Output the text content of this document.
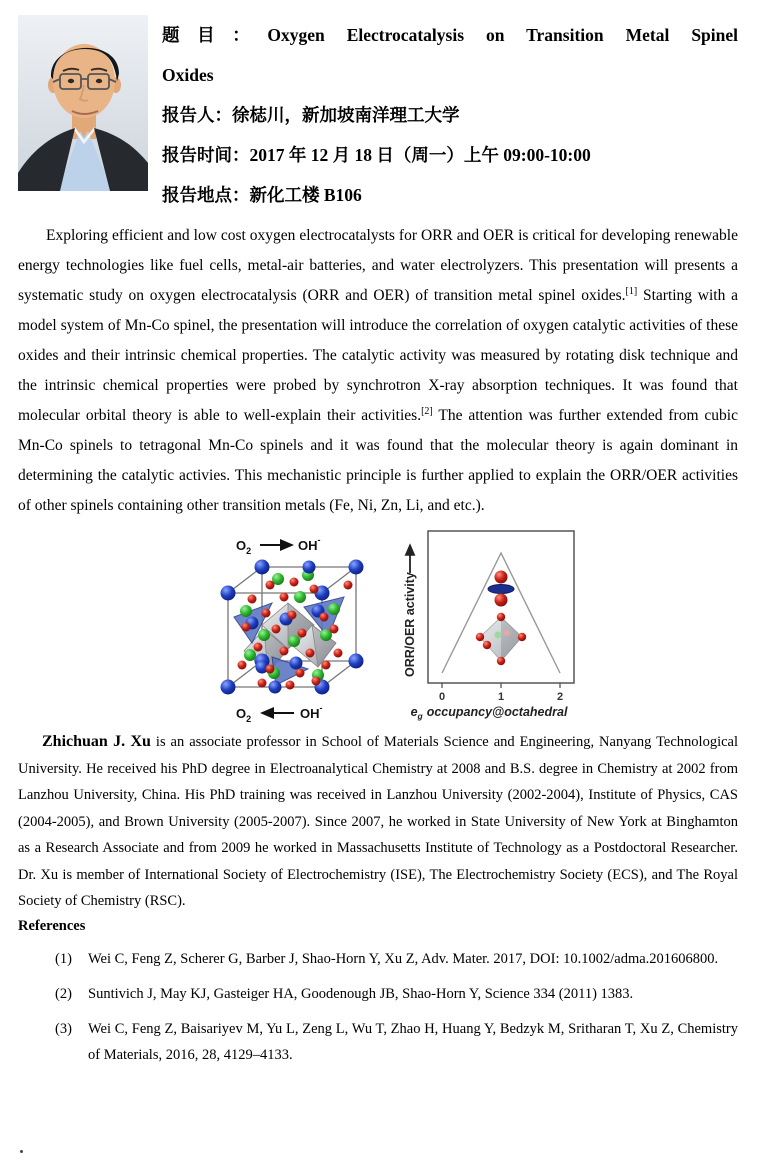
题目：Oxygen Electrocatalysis on Transition Metal Spinel
Oxides
报告人：徐梽川，新加坡南洋理工大学
报告时间：2017 年 12 月 18 日（周一）上午 09:00-10:00
报告地点：新化工楼 B106

Exploring efficient and low cost oxygen electrocatalysts for ORR and OER is critical for developing renewable energy technologies like fuel cells, metal-air batteries, and water electrolyzers. This presentation will presents a systematic study on oxygen electrocatalysis (ORR and OER) of transition metal spinel oxides.[1] Starting with a model system of Mn-Co spinel, the presentation will introduce the correlation of oxygen catalytic activities of these oxides and their intrinsic chemical properties. The catalytic activity was measured by rotating disk technique and the intrinsic chemical properties were probed by synchrotron X-ray absorption techniques. It was found that molecular orbital theory is able to well-explain their activities.[2] The attention was further extended from cubic Mn-Co spinels to tetragonal Mn-Co spinels and it was found that the molecular theory is again dominant in determining the catalytic activies. This mechanistic principle is further applied to explain the ORR/OER activities of other spinels containing other transition metals (Fe, Ni, Zn, Li, and etc.).

$O_2$	OH-
$O_2$	OH-
ORR/OER activity
0	1	2
$e_g$ occupancy@octahedral

Zhichuan J. Xu is an associate professor in School of Materials Science and Engineering, Nanyang Technological University. He received his PhD degree in Electroanalytical Chemistry at 2008 and B.S. degree in Chemistry at 2002 from Lanzhou University, China. His PhD training was received in Lanzhou University (2002-2004), Institute of Physics, CAS (2004-2005), and Brown University (2005-2007). Since 2007, he worked in State University of New York at Binghamton as a Research Associate and from 2009 he worked in Massachusetts Institute of Technology as a Postdoctoral Researcher. Dr. Xu is member of International Society of Electrochemistry (ISE), The Electrochemistry Society (ECS), and The Royal Society of Chemistry (RSC).

References
(1)	Wei C, Feng Z, Scherer G, Barber J, Shao-Horn Y, Xu Z, Adv. Mater. 2017, DOI: 10.1002/adma.201606800.
(2)	Suntivich J, May KJ, Gasteiger HA, Goodenough JB, Shao-Horn Y, Science 334 (2011) 1383.
(3)	Wei C, Feng Z, Baisariyev M, Yu L, Zeng L, Wu T, Zhao H, Huang Y, Bedzyk M, Sritharan T, Xu Z, Chemistry of Materials, 2016, 28, 4129–4133.
